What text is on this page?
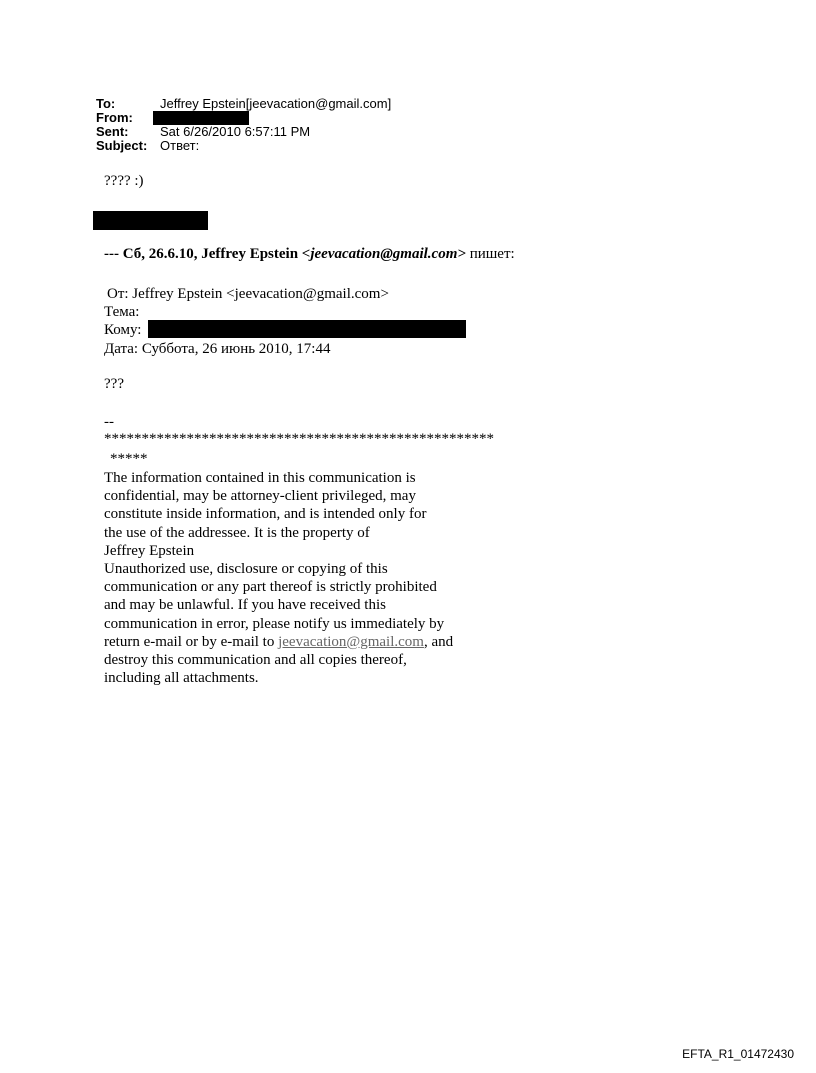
To:	Jeffrey Epstein[jeevacation@gmail.com]
From:
Sent: Sat 6/26/2010 6:57:11 PM
Subject: Ответ:
???? :)
--- Сб, 26.6.10, Jeffrey Epstein <jeevacation@gmail.com> пишет:
От: Jeffrey Epstein <jeevacation@gmail.com>
Тема:
Кому:
Дата: Суббота, 26 июнь 2010, 17:44
???
--
****************************************************
*****
The information contained in this communication is
confidential, may be attorney-client privileged, may
constitute inside information, and is intended only for
the use of the addressee. It is the property of
Jeffrey Epstein
Unauthorized use, disclosure or copying of this
communication or any part thereof is strictly prohibited
and may be unlawful. If you have received this
communication in error, please notify us immediately by
return e-mail or by e-mail to jeevacation@gmail.com, and
destroy this communication and all copies thereof,
including all attachments.
EFTA_R1_01472430
